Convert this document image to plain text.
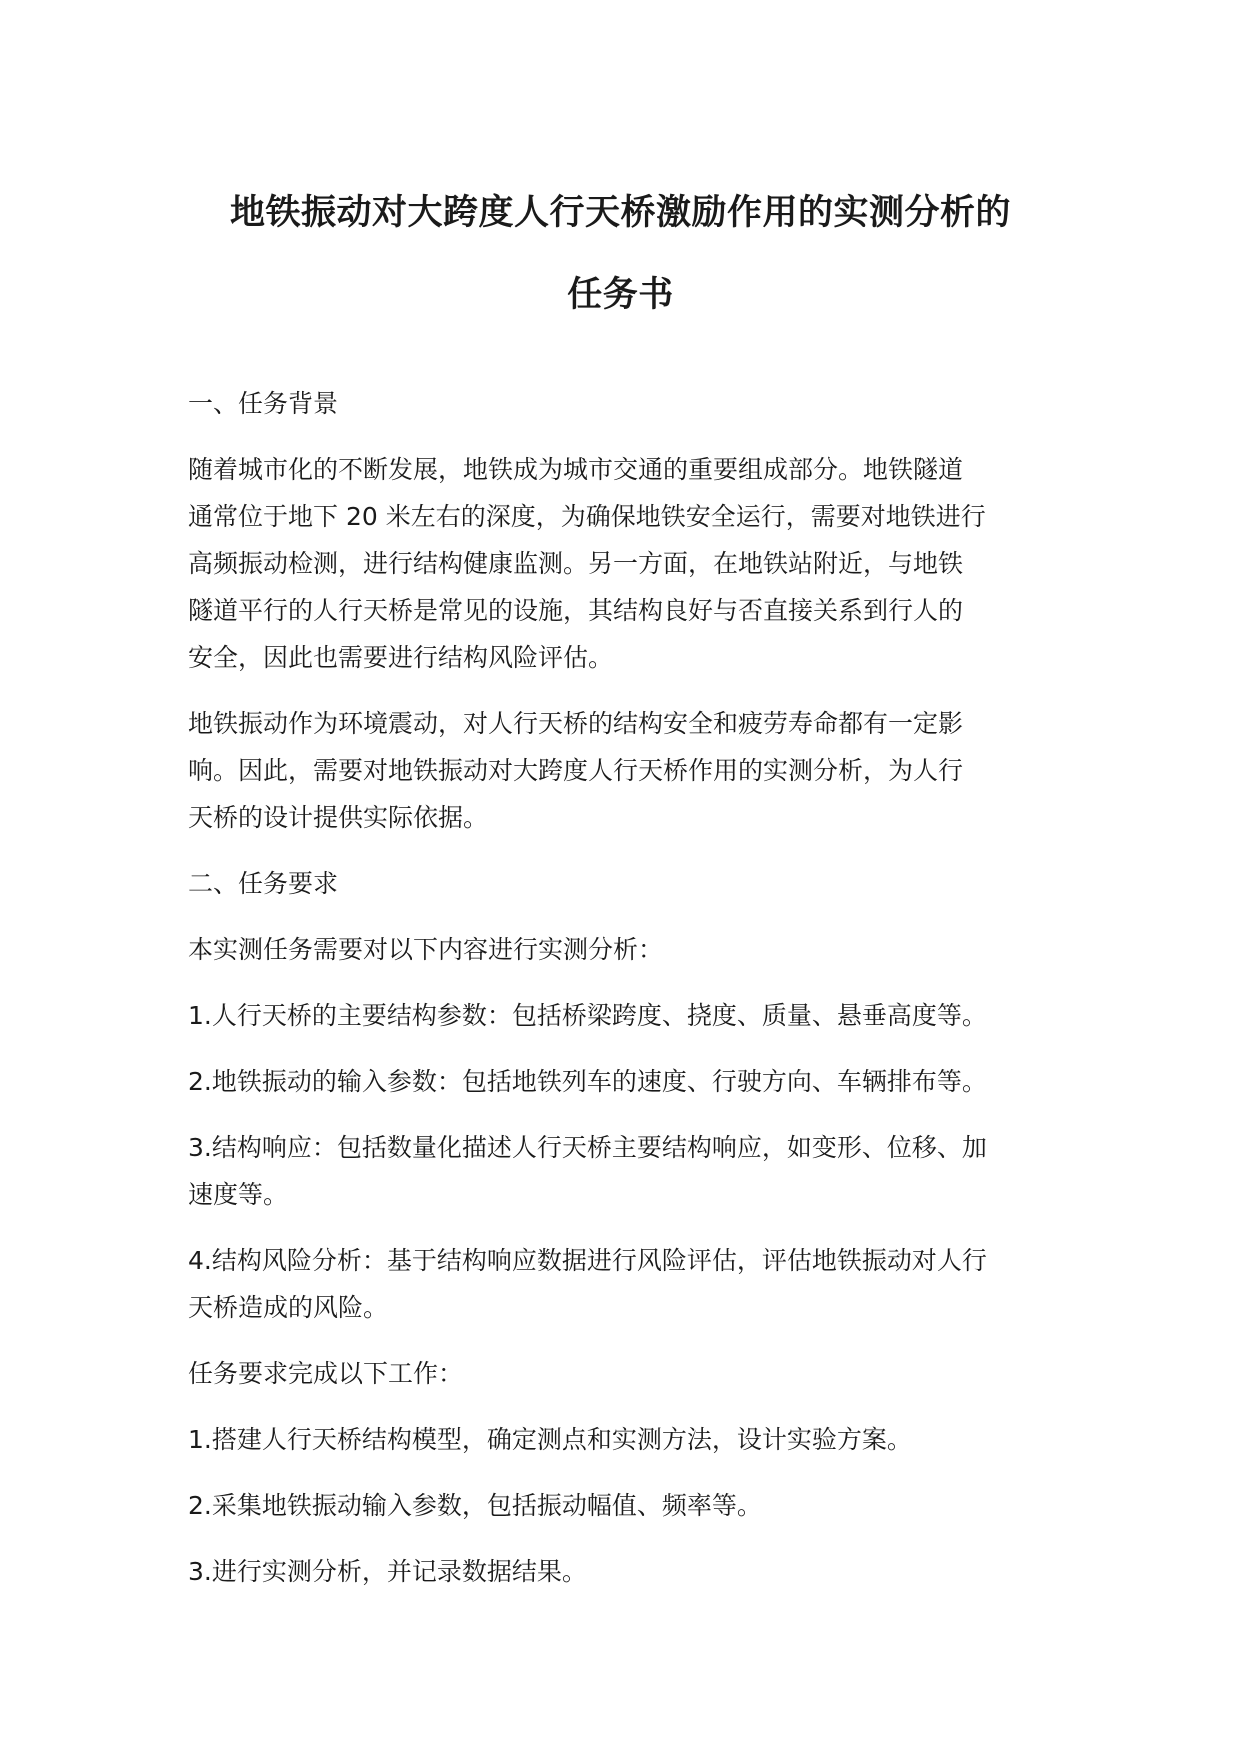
地铁振动对大跨度人行天桥激励作用的实测分析的
任务书
一、任务背景
随着城市化的不断发展，地铁成为城市交通的重要组成部分。地铁隧道
通常位于地下 20 米左右的深度，为确保地铁安全运行，需要对地铁进行
高频振动检测，进行结构健康监测。另一方面，在地铁站附近，与地铁
隧道平行的人行天桥是常见的设施，其结构良好与否直接关系到行人的
安全，因此也需要进行结构风险评估。
地铁振动作为环境震动，对人行天桥的结构安全和疲劳寿命都有一定影
响。因此，需要对地铁振动对大跨度人行天桥作用的实测分析，为人行
天桥的设计提供实际依据。
二、任务要求
本实测任务需要对以下内容进行实测分析：
1.人行天桥的主要结构参数：包括桥梁跨度、挠度、质量、悬垂高度等。
2.地铁振动的输入参数：包括地铁列车的速度、行驶方向、车辆排布等。
3.结构响应：包括数量化描述人行天桥主要结构响应，如变形、位移、加
速度等。
4.结构风险分析：基于结构响应数据进行风险评估，评估地铁振动对人行
天桥造成的风险。
任务要求完成以下工作：
1.搭建人行天桥结构模型，确定测点和实测方法，设计实验方案。
2.采集地铁振动输入参数，包括振动幅值、频率等。
3.进行实测分析，并记录数据结果。
